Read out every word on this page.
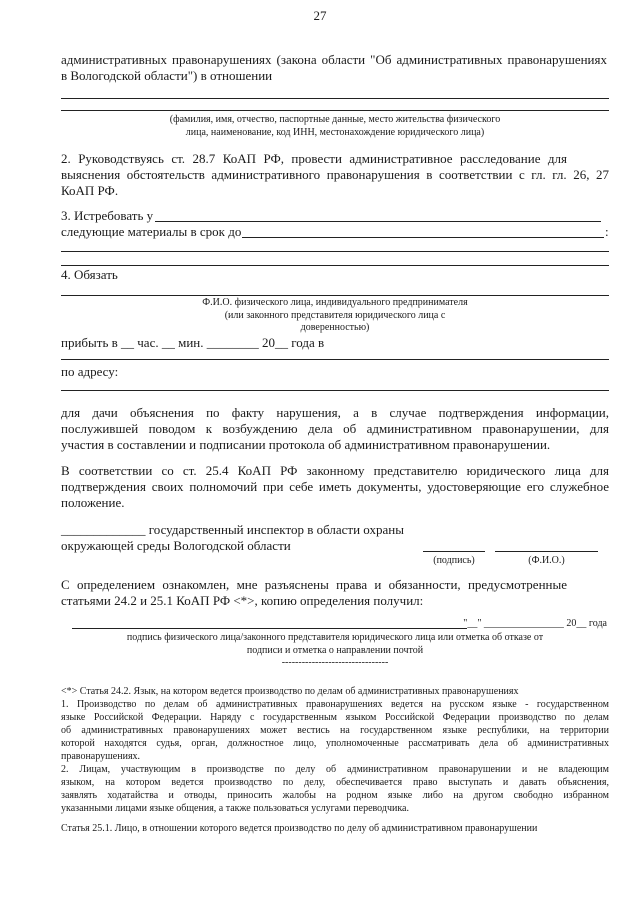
27
административных правонарушениях (закона области "Об административных правонарушениях
в Вологодской области") в отношении
(фамилия, имя, отчество, паспортные данные, место жительства физического
лица, наименование, код ИНН, местонахождение юридического лица)
2. Руководствуясь ст. 28.7 КоАП РФ, провести административное расследование для
выяснения обстоятельств административного правонарушения в соответствии с гл. гл. 26, 27
КоАП РФ.
3. Истребовать у
следующие материалы в срок до	:
4. Обязать
Ф.И.О. физического лица, индивидуального предпринимателя
(или законного представителя юридического лица с
доверенностью)
прибыть в __ час. __ мин. ________ 20__ года в
по адресу:
для дачи объяснения по факту нарушения, а в случае подтверждения информации,
послужившей поводом к возбуждению дела об административном правонарушении, для
участия в составлении и подписании протокола об административном правонарушении.
В соответствии со ст. 25.4 КоАП РФ законному представителю юридического лица для
подтверждения своих полномочий при себе иметь документы, удостоверяющие его служебное
положение.
_____________ государственный инспектор в области охраны
окружающей среды Вологодской области
(подпись)	(Ф.И.О.)
С определением ознакомлен, мне разъяснены права и обязанности, предусмотренные
статьями 24.2 и 25.1 КоАП РФ <*>, копию определения получил:
"__" ________________ 20__ года
подпись физического лица/законного представителя юридического лица или отметка об отказе от
подписи и отметка о направлении почтой
--------------------------------
<*> Статья 24.2. Язык, на котором ведется производство по делам об административных правонарушениях
1. Производство по делам об административных правонарушениях ведется на русском языке - государственном
языке Российской Федерации. Наряду с государственным языком Российской Федерации производство по делам
об административных правонарушениях может вестись на государственном языке республики, на территории
которой находятся судья, орган, должностное лицо, уполномоченные рассматривать дела об административных
правонарушениях.
2. Лицам, участвующим в производстве по делу об административном правонарушении и не владеющим
языком, на котором ведется производство по делу, обеспечивается право выступать и давать объяснения,
заявлять ходатайства и отводы, приносить жалобы на родном языке либо на другом свободно избранном
указанными лицами языке общения, а также пользоваться услугами переводчика.
Статья 25.1. Лицо, в отношении которого ведется производство по делу об административном правонарушении
